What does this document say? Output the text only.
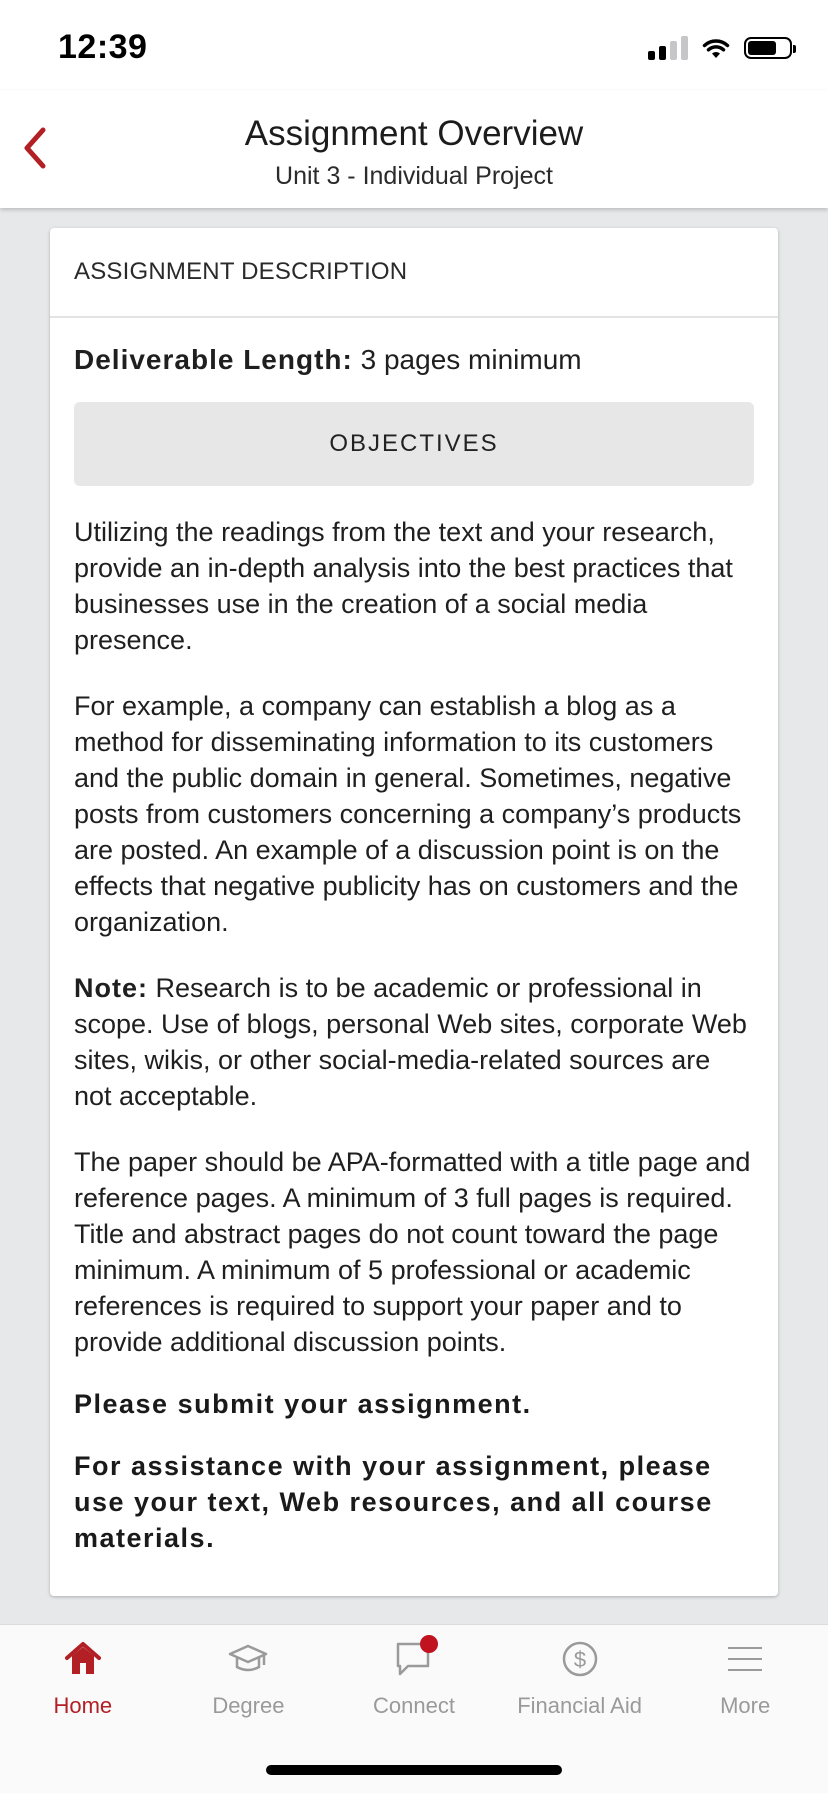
12:39
Assignment Overview
Unit 3 - Individual Project
ASSIGNMENT DESCRIPTION
Deliverable Length: 3 pages minimum
OBJECTIVES

Utilizing the readings from the text and your research, provide an in-depth analysis into the best practices that businesses use in the creation of a social media presence.

For example, a company can establish a blog as a method for disseminating information to its customers and the public domain in general. Sometimes, negative posts from customers concerning a company’s products are posted. An example of a discussion point is on the effects that negative publicity has on customers and the organization.

Note: Research is to be academic or professional in scope. Use of blogs, personal Web sites, corporate Web sites, wikis, or other social-media-related sources are not acceptable.

The paper should be APA-formatted with a title page and reference pages. A minimum of 3 full pages is required. Title and abstract pages do not count toward the page minimum. A minimum of 5 professional or academic references is required to support your paper and to provide additional discussion points.

Please submit your assignment.

For assistance with your assignment, please use your text, Web resources, and all course materials.

Home	Degree	Connect
$
Financial Aid	More
